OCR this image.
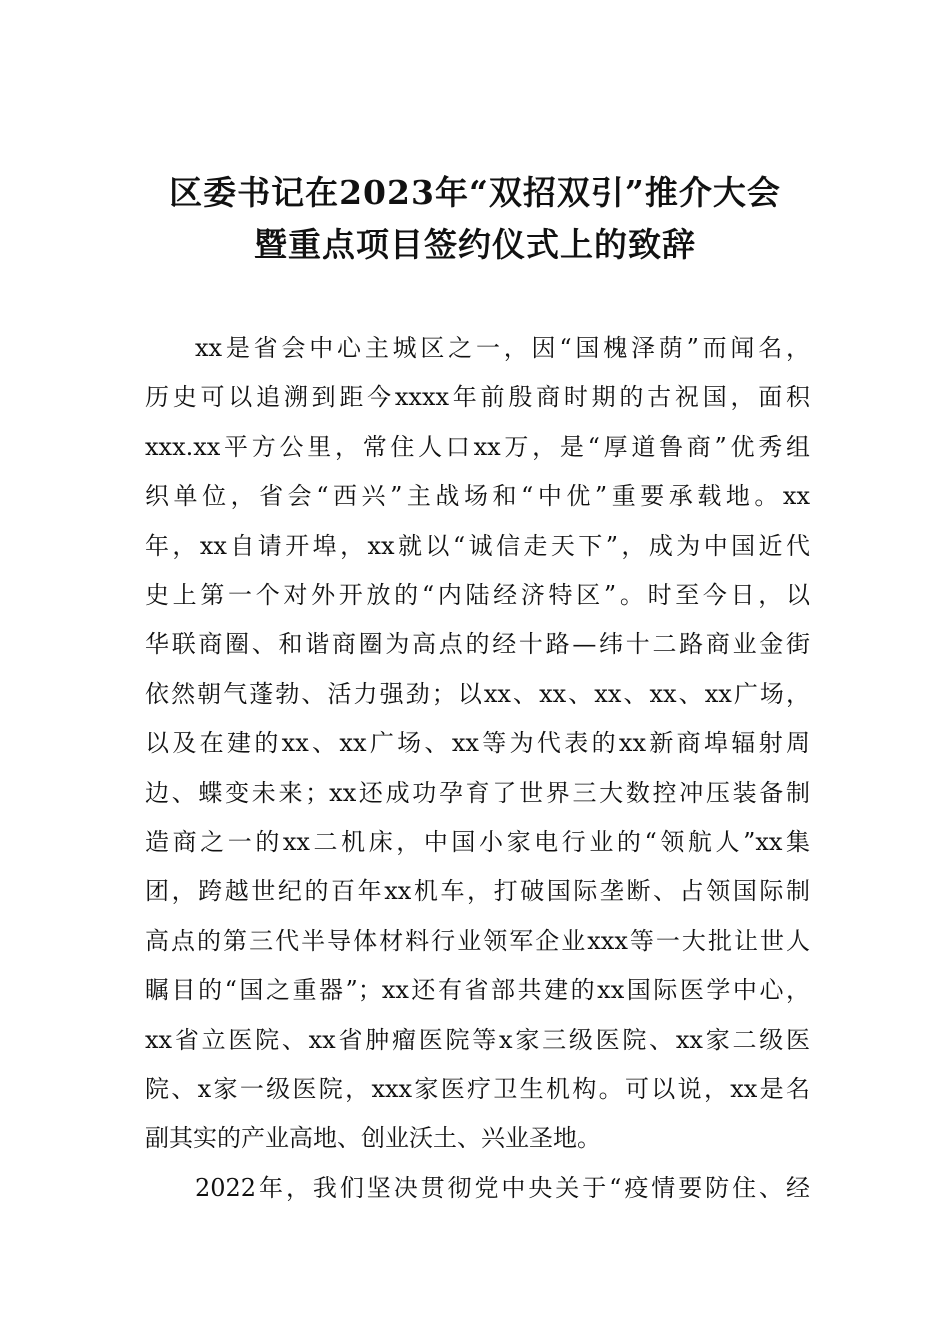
区委书记在2023年“双招双引”推介大会
暨重点项目签约仪式上的致辞
xx是省会中心主城区之一，因“国槐泽荫”而闻名，
历史可以追溯到距今xxxx年前殷商时期的古祝国，面积
xxx.xx平方公里，常住人口xx万，是“厚道鲁商”优秀组
织单位，省会“西兴”主战场和“中优”重要承载地。xx
年，xx自请开埠，xx就以“诚信走天下”，成为中国近代
史上第一个对外开放的“内陆经济特区”。时至今日，以
华联商圈、和谐商圈为高点的经十路—纬十二路商业金街
依然朝气蓬勃、活力强劲；以xx、xx、xx、xx、xx广场，
以及在建的xx、xx广场、xx等为代表的xx新商埠辐射周
边、蝶变未来；xx还成功孕育了世界三大数控冲压装备制
造商之一的xx二机床，中国小家电行业的“领航人”xx集
团，跨越世纪的百年xx机车，打破国际垄断、占领国际制
高点的第三代半导体材料行业领军企业xxx等一大批让世人
瞩目的“国之重器”；xx还有省部共建的xx国际医学中心，
xx省立医院、xx省肿瘤医院等x家三级医院、xx家二级医
院、x家一级医院，xxx家医疗卫生机构。可以说，xx是名
副其实的产业高地、创业沃土、兴业圣地。
2022年，我们坚决贯彻党中央关于“疫情要防住、经
